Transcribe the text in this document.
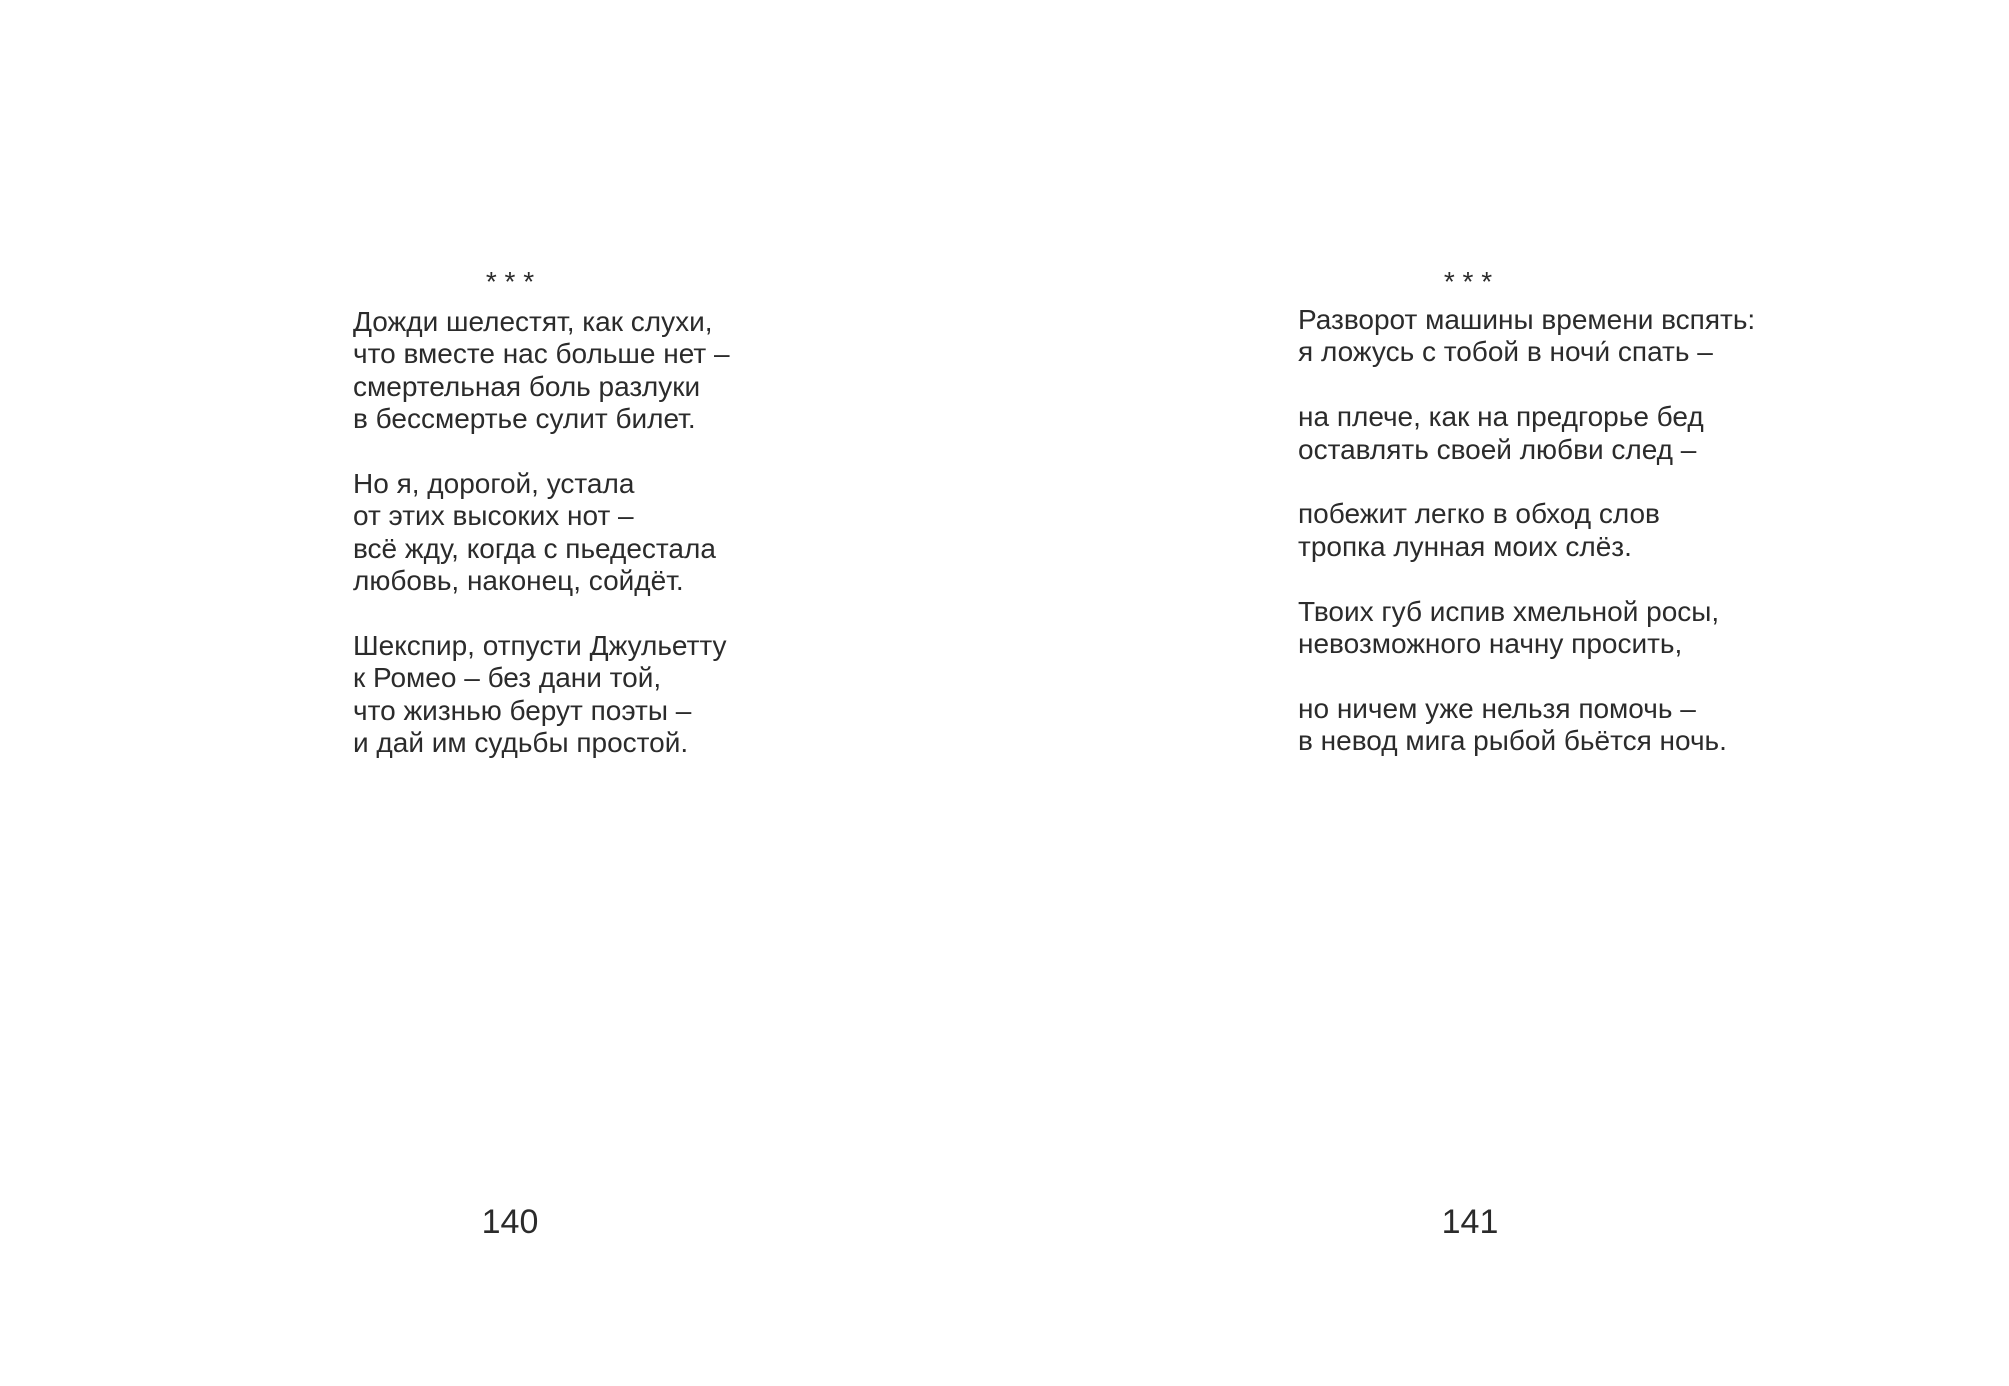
* * *

Дожди шелестят, как слухи,
что вместе нас больше нет –
смертельная боль разлуки
в бессмертье сулит билет.

Но я, дорогой, устала
от этих высоких нот –
всё жду, когда с пьедестала
любовь, наконец, сойдёт.

Шекспир, отпусти Джульетту
к Ромео – без дани той,
что жизнью берут поэты –
и дай им судьбы простой.

140
* * *

Разворот машины времени вспять:
я ложусь с тобой в ночи́ спать –

на плече, как на предгорье бед
оставлять своей любви след –

побежит легко в обход слов
тропка лунная моих слёз.

Твоих губ испив хмельной росы,
невозможного начну просить,

но ничем уже нельзя помочь –
в невод мига рыбой бьётся ночь.

141
